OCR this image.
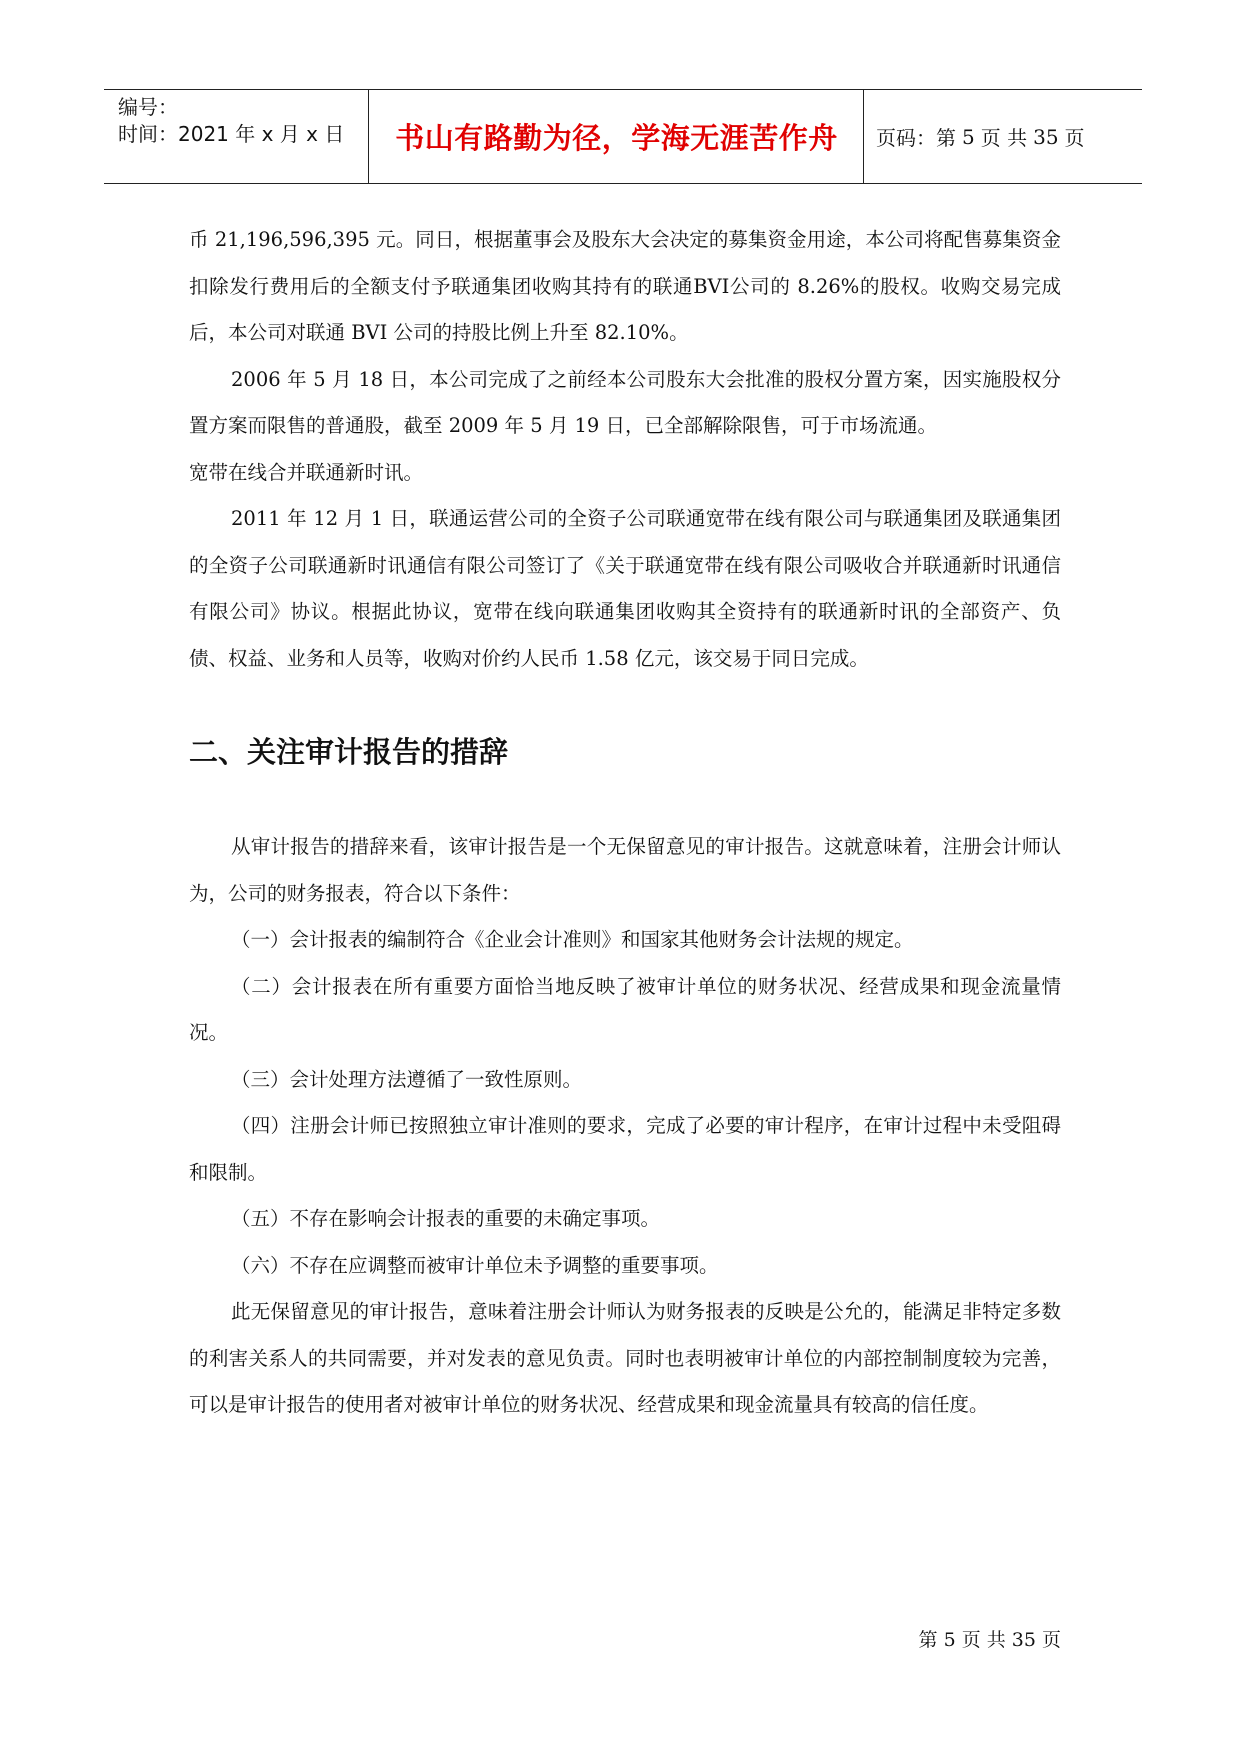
编号：
时间：2021 年 x 月 x 日	书山有路勤为径，学海无涯苦作舟	页码：第 5 页 共 35 页

币 21,196,596,395 元。同日，根据董事会及股东大会决定的募集资金用途，本公司将配售募集资金扣除发行费用后的全额支付予联通集团收购其持有的联通BVI公司的 8.26%的股权。收购交易完成后，本公司对联通 BVI 公司的持股比例上升至 82.10%。

2006 年 5 月 18 日，本公司完成了之前经本公司股东大会批准的股权分置方案，因实施股权分置方案而限售的普通股，截至 2009 年 5 月 19 日，已全部解除限售，可于市场流通。

宽带在线合并联通新时讯。

2011 年 12 月 1 日，联通运营公司的全资子公司联通宽带在线有限公司与联通集团及联通集团的全资子公司联通新时讯通信有限公司签订了《关于联通宽带在线有限公司吸收合并联通新时讯通信有限公司》协议。根据此协议，宽带在线向联通集团收购其全资持有的联通新时讯的全部资产、负债、权益、业务和人员等，收购对价约人民币 1.58 亿元，该交易于同日完成。

二、关注审计报告的措辞

从审计报告的措辞来看，该审计报告是一个无保留意见的审计报告。这就意味着，注册会计师认为，公司的财务报表，符合以下条件：

（一）会计报表的编制符合《企业会计准则》和国家其他财务会计法规的规定。

（二）会计报表在所有重要方面恰当地反映了被审计单位的财务状况、经营成果和现金流量情况。

（三）会计处理方法遵循了一致性原则。

（四）注册会计师已按照独立审计准则的要求，完成了必要的审计程序，在审计过程中未受阻碍和限制。

（五）不存在影响会计报表的重要的未确定事项。

（六）不存在应调整而被审计单位未予调整的重要事项。

此无保留意见的审计报告，意味着注册会计师认为财务报表的反映是公允的，能满足非特定多数的利害关系人的共同需要，并对发表的意见负责。同时也表明被审计单位的内部控制制度较为完善，可以是审计报告的使用者对被审计单位的财务状况、经营成果和现金流量具有较高的信任度。

第 5 页 共 35 页
